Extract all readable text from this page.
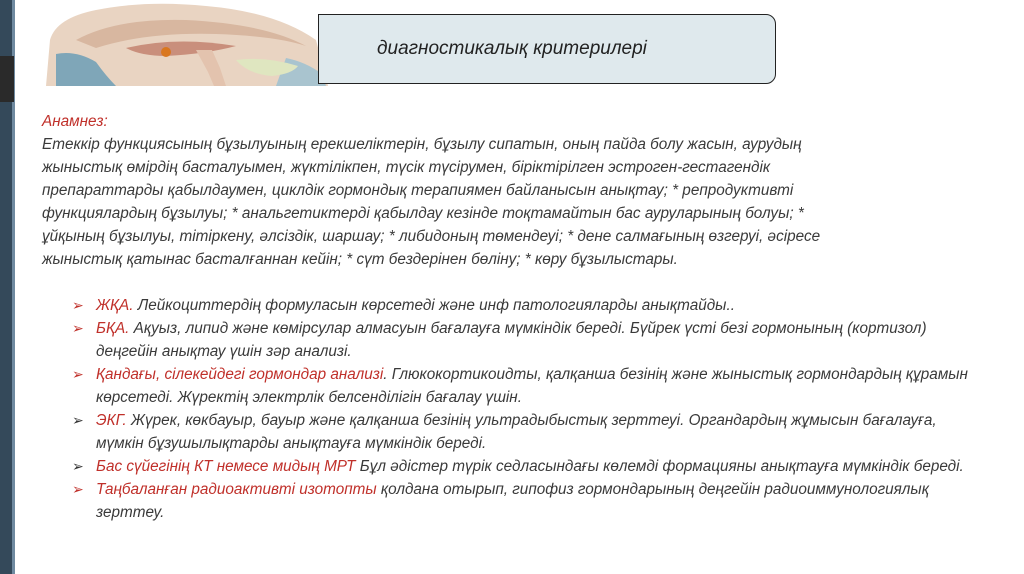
диагностикалық критерилері
Анамнез:
Етеккір функциясының бұзылуының ерекшеліктерін, бұзылу сипатын, оның пайда болу жасын, аурудың
жыныстық өмірдің басталуымен, жүктілікпен, түсік түсірумен, біріктірілген эстроген-гестагендік
препараттарды қабылдаумен, циклдік гормондық терапиямен байланысын анықтау; * репродуктивті
функциялардың бұзылуы; * анальгетиктерді қабылдау кезінде тоқтамайтын бас ауруларының болуы; *
ұйқының бұзылуы, тітіркену, әлсіздік, шаршау; * либидоның төмендеуі; * дене салмағының өзгеруі, әсіресе
жыныстық қатынас басталғаннан кейін; * сүт бездерінен бөліну; * көру бұзылыстары.
➢ ЖҚА. Лейкоциттердің формуласын көрсетеді және инф патологияларды анықтайды..
➢ БҚА. Ақуыз, липид және көмірсулар алмасуын бағалауға мүмкіндік береді. Бүйрек үсті безі гормонының (кортизол) деңгейін анықтау үшін зәр анализі.
➢ Қандағы, сілекейдегі гормондар анализі. Глюкокортикоидты, қалқанша безінің және жыныстық гормондардың құрамын көрсетеді. Жүректің электрлік белсенділігін бағалау үшін.
➢ ЭКГ. Жүрек, көкбауыр, бауыр және қалқанша безінің ультрадыбыстық зерттеуі. Органдардың жұмысын бағалауға, мүмкін бұзушылықтарды анықтауға мүмкіндік береді.
➢ Бас сүйегінің КТ немесе мидың МРТ Бұл әдістер түрік седласындағы көлемді формацияны анықтауға мүмкіндік береді.
➢ Таңбаланған радиоактивті изотопты қолдана отырып, гипофиз гормондарының деңгейін радиоиммунологиялық зерттеу.
